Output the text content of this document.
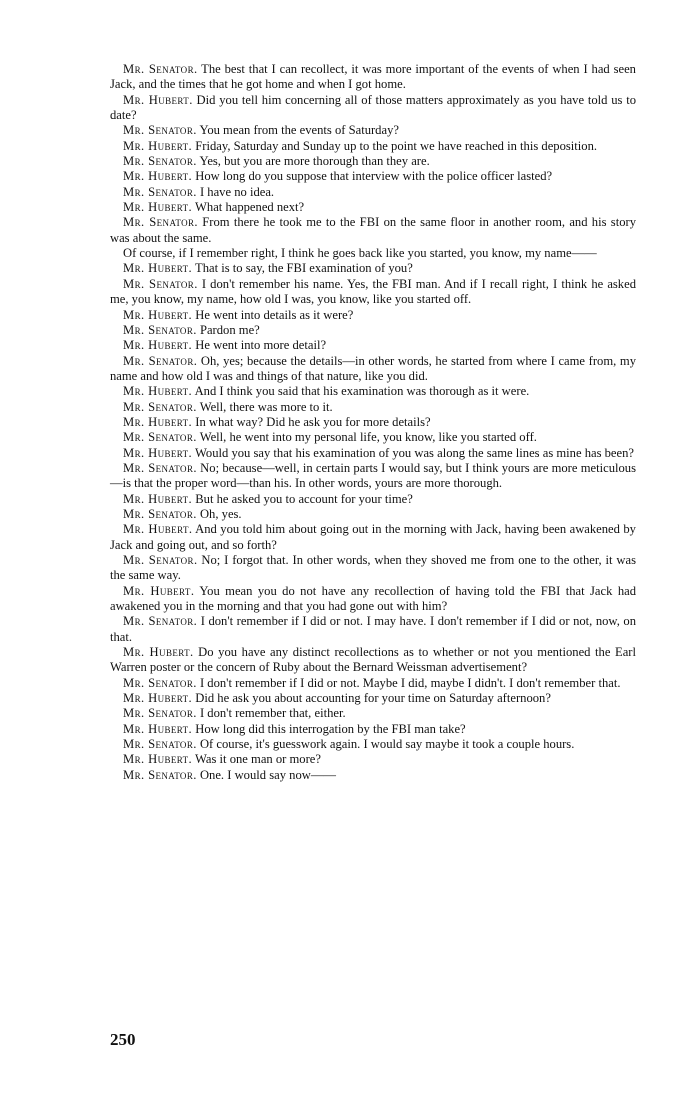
Mr. Senator. The best that I can recollect, it was more important of the events of when I had seen Jack, and the times that he got home and when I got home.

Mr. Hubert. Did you tell him concerning all of those matters approximately as you have told us to date?

Mr. Senator. You mean from the events of Saturday?

Mr. Hubert. Friday, Saturday and Sunday up to the point we have reached in this deposition.

Mr. Senator. Yes, but you are more thorough than they are.

Mr. Hubert. How long do you suppose that interview with the police officer lasted?

Mr. Senator. I have no idea.

Mr. Hubert. What happened next?

Mr. Senator. From there he took me to the FBI on the same floor in another room, and his story was about the same.

Of course, if I remember right, I think he goes back like you started, you know, my name——

Mr. Hubert. That is to say, the FBI examination of you?

Mr. Senator. I don't remember his name. Yes, the FBI man. And if I recall right, I think he asked me, you know, my name, how old I was, you know, like you started off.

Mr. Hubert. He went into details as it were?

Mr. Senator. Pardon me?

Mr. Hubert. He went into more detail?

Mr. Senator. Oh, yes; because the details—in other words, he started from where I came from, my name and how old I was and things of that nature, like you did.

Mr. Hubert. And I think you said that his examination was thorough as it were.

Mr. Senator. Well, there was more to it.

Mr. Hubert. In what way? Did he ask you for more details?

Mr. Senator. Well, he went into my personal life, you know, like you started off.

Mr. Hubert. Would you say that his examination of you was along the same lines as mine has been?

Mr. Senator. No; because—well, in certain parts I would say, but I think yours are more meticulous—is that the proper word—than his. In other words, yours are more thorough.

Mr. Hubert. But he asked you to account for your time?

Mr. Senator. Oh, yes.

Mr. Hubert. And you told him about going out in the morning with Jack, having been awakened by Jack and going out, and so forth?

Mr. Senator. No; I forgot that. In other words, when they shoved me from one to the other, it was the same way.

Mr. Hubert. You mean you do not have any recollection of having told the FBI that Jack had awakened you in the morning and that you had gone out with him?

Mr. Senator. I don't remember if I did or not. I may have. I don't remember if I did or not, now, on that.

Mr. Hubert. Do you have any distinct recollections as to whether or not you mentioned the Earl Warren poster or the concern of Ruby about the Bernard Weissman advertisement?

Mr. Senator. I don't remember if I did or not. Maybe I did, maybe I didn't. I don't remember that.

Mr. Hubert. Did he ask you about accounting for your time on Saturday afternoon?

Mr. Senator. I don't remember that, either.

Mr. Hubert. How long did this interrogation by the FBI man take?

Mr. Senator. Of course, it's guesswork again. I would say maybe it took a couple hours.

Mr. Hubert. Was it one man or more?

Mr. Senator. One. I would say now——

250
